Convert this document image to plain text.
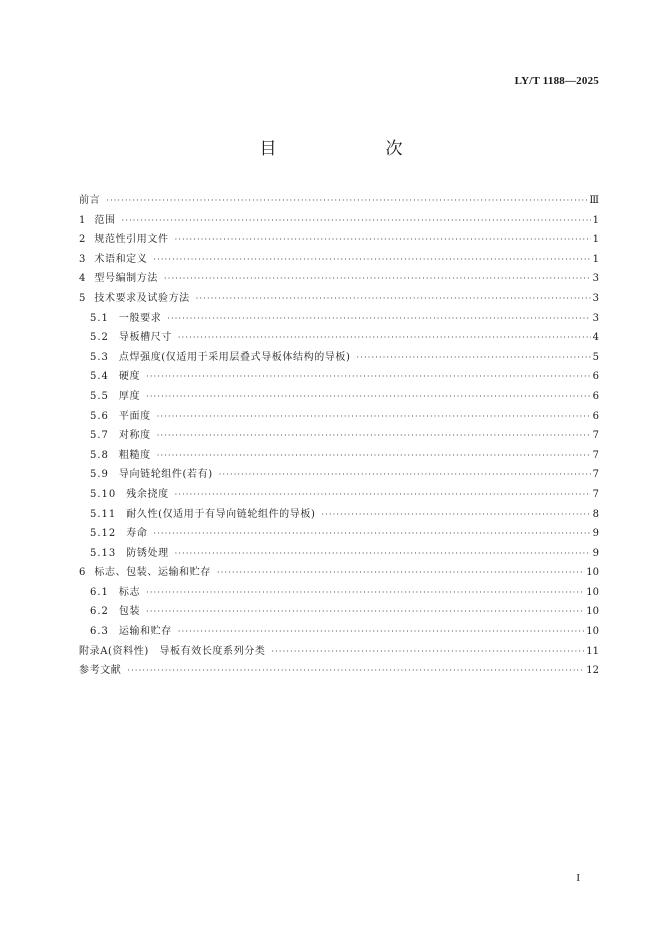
LY/T 1188—2025
目　次
前言 ·····	Ⅲ
1 范围 ·····	1
2 规范性引用文件 ·····	1
3 术语和定义 ·····	1
4 型号编制方法 ·····	3
5 技术要求及试验方法 ·····	3
5.1 一般要求 ·····	3
5.2 导板槽尺寸 ·····	4
5.3 点焊强度(仅适用于采用层叠式导板体结构的导板) ·····	5
5.4 硬度 ·····	6
5.5 厚度 ·····	6
5.6 平面度 ·····	6
5.7 对称度 ·····	7
5.8 粗糙度 ·····	7
5.9 导向链轮组件(若有) ·····	7
5.10 残余挠度 ·····	7
5.11 耐久性(仅适用于有导向链轮组件的导板) ·····	8
5.12 寿命 ·····	9
5.13 防锈处理 ·····	9
6 标志、包装、运输和贮存 ·····	10
6.1 标志 ·····	10
6.2 包装 ·····	10
6.3 运输和贮存 ·····	10
附录A(资料性)　导板有效长度系列分类 ·····	11
参考文献 ·····	12
I
